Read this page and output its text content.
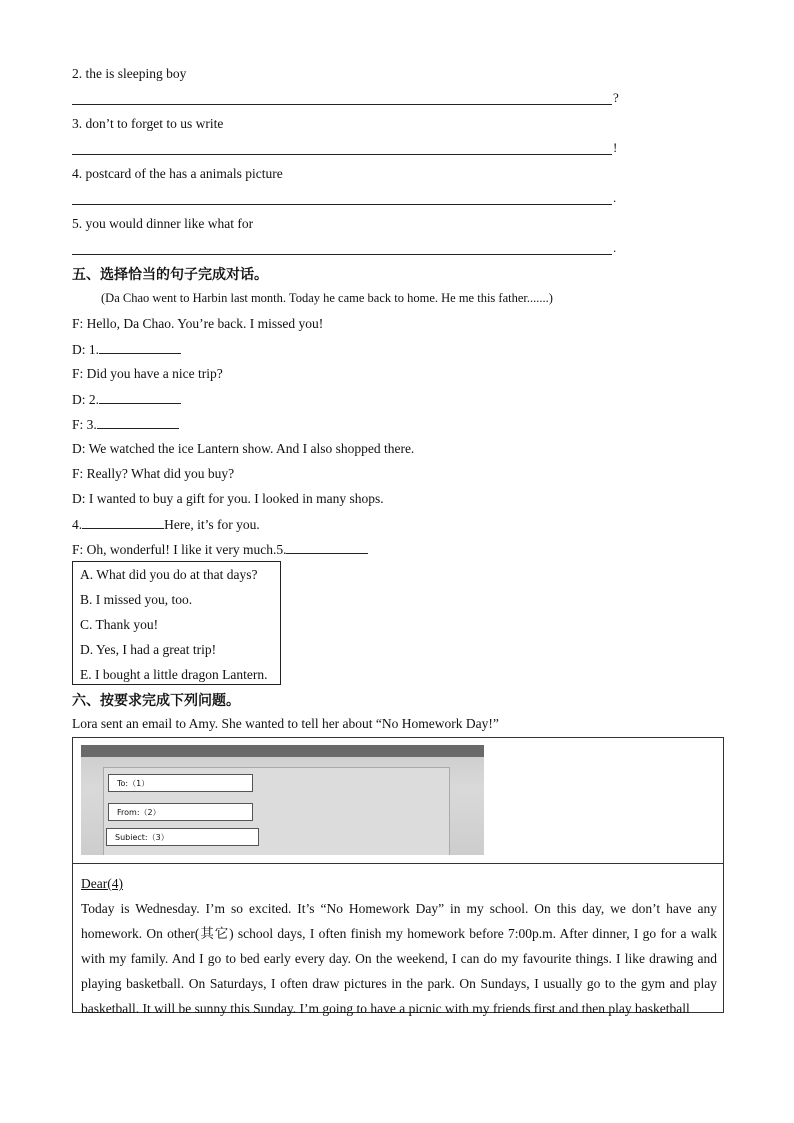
2. the is sleeping boy
?
3. don’t to forget to us write
!
4. postcard of the has a animals picture
.
5. you would dinner like what for
.
五、选择恰当的句子完成对话。
(Da Chao went to Harbin last month. Today he came back to home. He me this father.......)
F: Hello, Da Chao. You’re back. I missed you!
D: 1.
F: Did you have a nice trip?
D: 2.
F: 3.
D: We watched the ice Lantern show. And I also shopped there.
F: Really? What did you buy?
D: I wanted to buy a gift for you. I looked in many shops.
4.	Here, it’s for you.
F: Oh, wonderful! I like it very much.5.
A. What did you do at that days?
B. I missed you, too.
C. Thank you!
D. Yes, I had a great trip!
E. I bought a little dragon Lantern.
六、按要求完成下列问题。
Lora sent an email to Amy. She wanted to tell her about “No Homework Day!”
To:（1）
From:（2）
Subiect:（3）
Dear(4)
Today is Wednesday. I’m so excited. It’s “No Homework Day” in my school. On this day, we don’t have any homework. On other(其它) school days, I often finish my homework before 7:00p.m. After dinner, I go for a walk with my family. And I go to bed early every day. On the weekend, I can do my favourite things. I like drawing and playing basketball. On Saturdays, I often draw pictures in the park. On Sundays, I usually go to the gym and play basketball. It will be sunny this Sunday. I’m going to have a picnic with my friends first and then play basketball
